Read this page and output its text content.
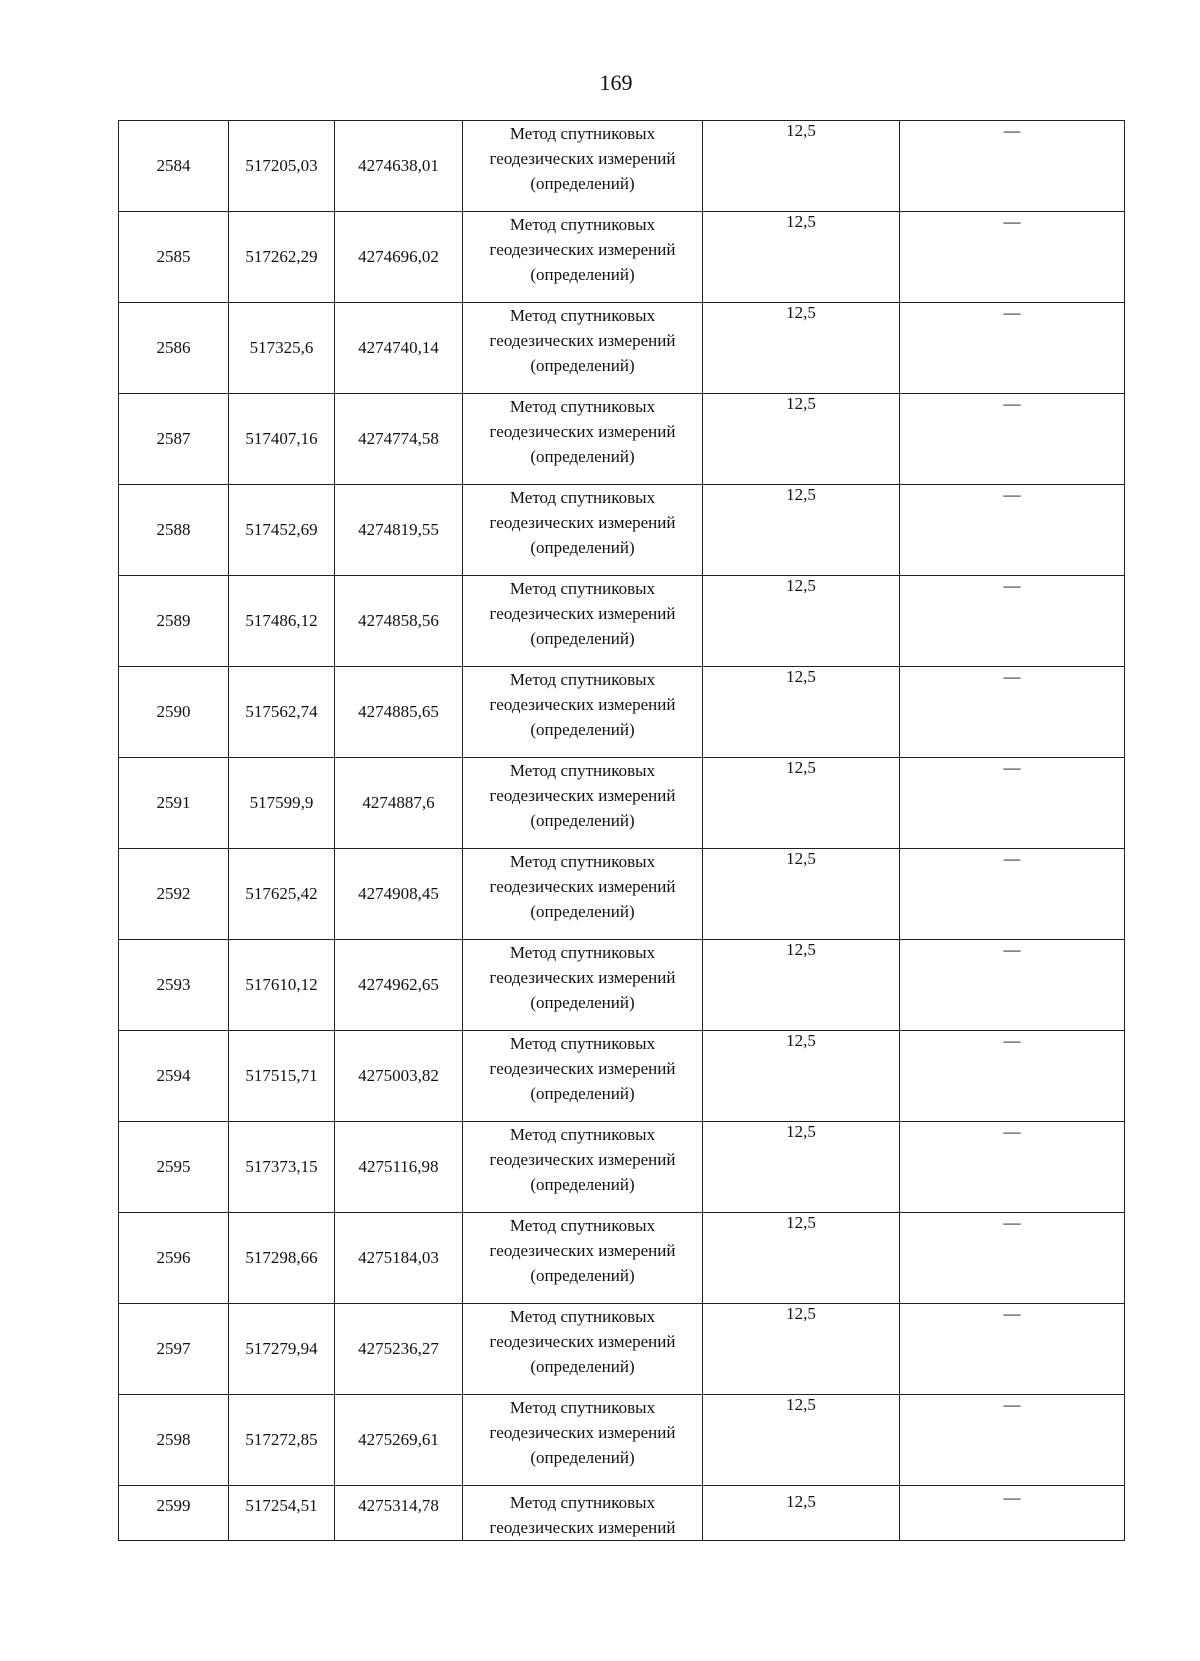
169
2584	517205,03	4274638,01	Метод спутниковых
геодезических измерений
(определений)	12,5	—
2585	517262,29	4274696,02	Метод спутниковых
геодезических измерений
(определений)	12,5	—
2586	517325,6	4274740,14	Метод спутниковых
геодезических измерений
(определений)	12,5	—
2587	517407,16	4274774,58	Метод спутниковых
геодезических измерений
(определений)	12,5	—
2588	517452,69	4274819,55	Метод спутниковых
геодезических измерений
(определений)	12,5	—
2589	517486,12	4274858,56	Метод спутниковых
геодезических измерений
(определений)	12,5	—
2590	517562,74	4274885,65	Метод спутниковых
геодезических измерений
(определений)	12,5	—
2591	517599,9	4274887,6	Метод спутниковых
геодезических измерений
(определений)	12,5	—
2592	517625,42	4274908,45	Метод спутниковых
геодезических измерений
(определений)	12,5	—
2593	517610,12	4274962,65	Метод спутниковых
геодезических измерений
(определений)	12,5	—
2594	517515,71	4275003,82	Метод спутниковых
геодезических измерений
(определений)	12,5	—
2595	517373,15	4275116,98	Метод спутниковых
геодезических измерений
(определений)	12,5	—
2596	517298,66	4275184,03	Метод спутниковых
геодезических измерений
(определений)	12,5	—
2597	517279,94	4275236,27	Метод спутниковых
геодезических измерений
(определений)	12,5	—
2598	517272,85	4275269,61	Метод спутниковых
геодезических измерений
(определений)	12,5	—
2599	517254,51	4275314,78	Метод спутниковых
геодезических измерений	12,5	—
